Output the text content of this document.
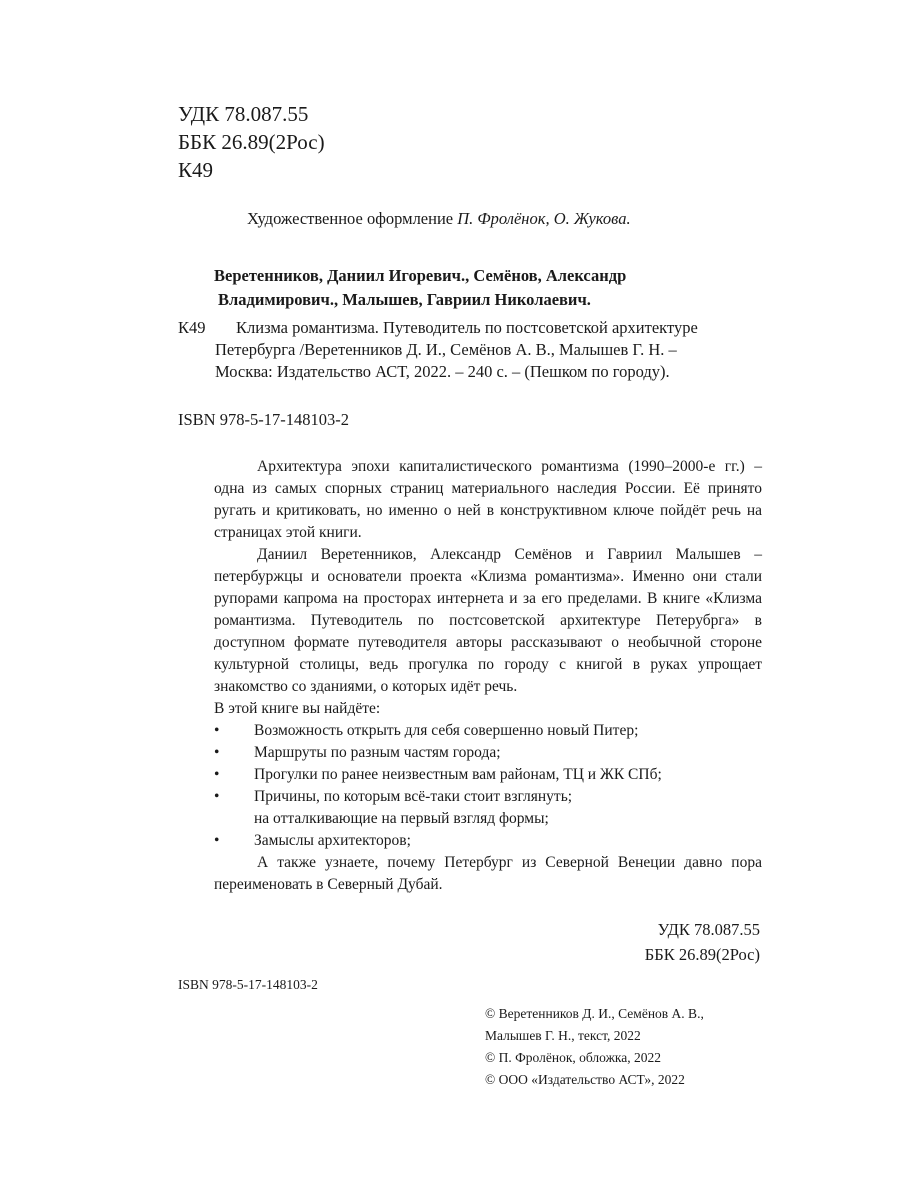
УДК 78.087.55
ББК 26.89(2Рос)
К49
Художественное оформление П. Фролёнок, О. Жукова.
Веретенников, Даниил Игоревич., Семёнов, Александр
Владимирович., Малышев, Гавриил Николаевич.
К49 Клизма романтизма. Путеводитель по постсоветской архитектуре
Петербурга /Веретенников Д. И., Семёнов А. В., Малышев Г. Н. –
Москва: Издательство АСТ, 2022. – 240 с. – (Пешком по городу).
ISBN 978-5-17-148103-2

Архитектура эпохи капиталистического романтизма (1990–2000-е гг.) – одна из самых спорных страниц материального наследия России. Её принято ругать и критиковать, но именно о ней в конструктивном ключе пойдёт речь на страницах этой книги.

Даниил Веретенников, Александр Семёнов и Гавриил Малышев – петербуржцы и основатели проекта «Клизма романтизма». Именно они стали рупорами капрома на просторах интернета и за его пределами. В книге «Клизма романтизма. Путеводитель по постсоветской архитектуре Петерубрга» в доступном формате путеводителя авторы рассказывают о необычной стороне культурной столицы, ведь прогулка по городу с книгой в руках упрощает знакомство со зданиями, о которых идёт речь.

В этой книге вы найдёте:

•	Возможность открыть для себя совершенно новый Питер;
•	Маршруты по разным частям города;
•	Прогулки по ранее неизвестным вам районам, ТЦ и ЖК СПб;
•	Причины, по которым всё-таки стоит взглянуть;
на отталкивающие на первый взгляд формы;
•	Замыслы архитекторов;

А также узнаете, почему Петербург из Северной Венеции давно пора переименовать в Северный Дубай.

УДК 78.087.55
ББК 26.89(2Рос)
ISBN 978-5-17-148103-2
© Веретенников Д. И., Семёнов А. В.,
Малышев Г. Н., текст, 2022
© П. Фролёнок, обложка, 2022
© ООО «Издательство АСТ», 2022
